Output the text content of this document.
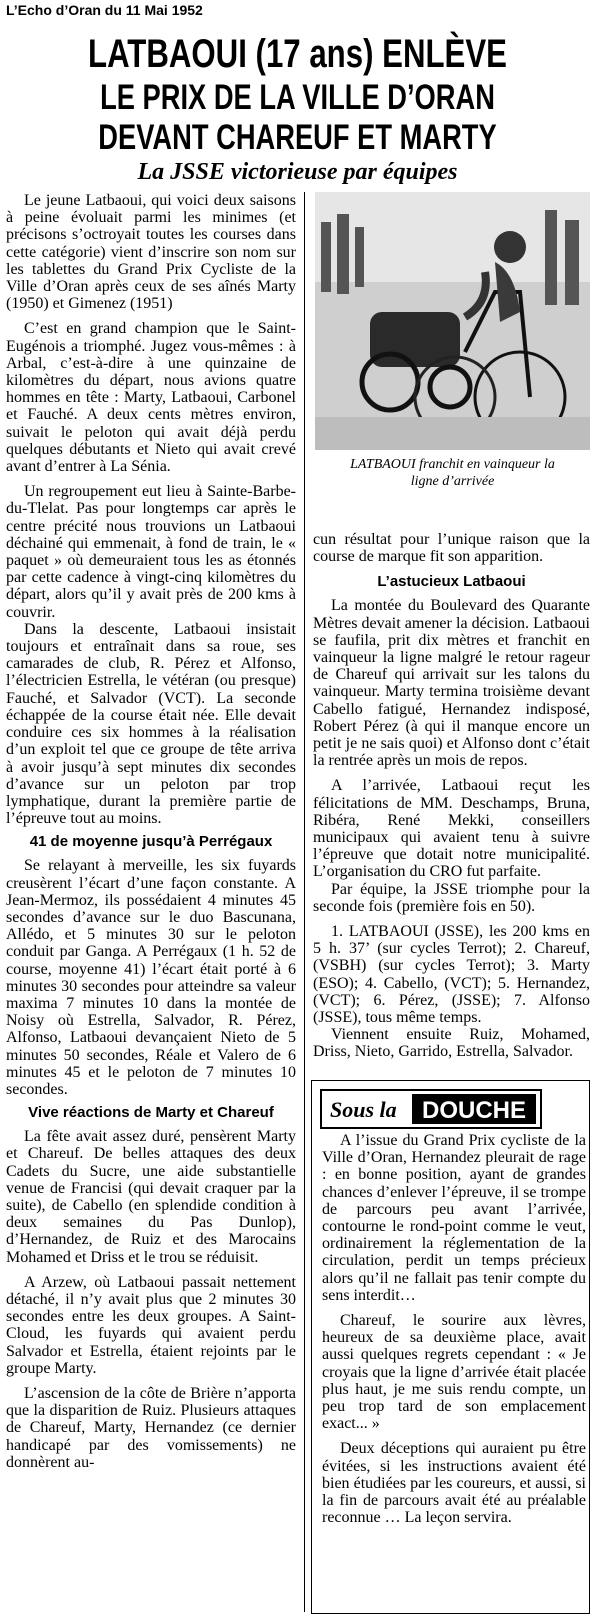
L’Echo d’Oran du 11 Mai 1952
LATBAOUI (17 ans) ENLÈVE
LE PRIX DE LA VILLE D’ORAN
DEVANT CHAREUF ET MARTY
La JSSE victorieuse par équipes

Le jeune Latbaoui, qui voici deux saisons à peine évoluait parmi les minimes (et précisons s’octroyait toutes les courses dans cette catégorie) vient d’inscrire son nom sur les tablettes du Grand Prix Cycliste de la Ville d’Oran après ceux de ses aînés Marty (1950) et Gimenez (1951)

C’est en grand champion que le Saint-Eugénois a triomphé. Jugez vous-mêmes : à Arbal, c’est-à-dire à une quinzaine de kilomètres du départ, nous avions quatre hommes en tête : Marty, Latbaoui, Carbonel et Fauché. A deux cents mètres environ, suivait le peloton qui avait déjà perdu quelques débutants et Nieto qui avait crevé avant d’entrer à La Sénia.

Un regroupement eut lieu à Sainte-Barbe-du-Tlelat. Pas pour longtemps car après le centre précité nous trouvions un Latbaoui déchainé qui emmenait, à fond de train, le « paquet » où demeuraient tous les as étonnés par cette cadence à vingt-cinq kilomètres du départ, alors qu’il y avait près de 200 kms à couvrir.

Dans la descente, Latbaoui insistait toujours et entraînait dans sa roue, ses camarades de club, R. Pérez et Alfonso, l’électricien Estrella, le vétéran (ou presque) Fauché, et Salvador (VCT). La seconde échappée de la course était née. Elle devait conduire ces six hommes à la réalisation d’un exploit tel que ce groupe de tête arriva à avoir jusqu’à sept minutes dix secondes d’avance sur un peloton par trop lymphatique, durant la première partie de l’épreuve tout au moins.

41 de moyenne jusqu’à Perrégaux

Se relayant à merveille, les six fuyards creusèrent l’écart d’une façon constante. A Jean-Mermoz, ils possédaient 4 minutes 45 secondes d’avance sur le duo Bascunana, Allédo, et 5 minutes 30 sur le peloton conduit par Ganga. A Perrégaux (1 h. 52 de course, moyenne 41) l’écart était porté à 6 minutes 30 secondes pour atteindre sa valeur maxima 7 minutes 10 dans la montée de Noisy où Estrella, Salvador, R. Pérez, Alfonso, Latbaoui devançaient Nieto de 5 minutes 50 secondes, Réale et Valero de 6 minutes 45 et le peloton de 7 minutes 10 secondes.

Vive réactions de Marty et Chareuf

La fête avait assez duré, pensèrent Marty et Chareuf. De belles attaques des deux Cadets du Sucre, une aide substantielle venue de Francisi (qui devait craquer par la suite), de Cabello (en splendide condition à deux semaines du Pas Dunlop), d’Hernandez, de Ruiz et des Marocains Mohamed et Driss et le trou se réduisit.

A Arzew, où Latbaoui passait nettement détaché, il n’y avait plus que 2 minutes 30 secondes entre les deux groupes. A Saint-Cloud, les fuyards qui avaient perdu Salvador et Estrella, étaient rejoints par le groupe Marty.

L’ascension de la côte de Brière n’apporta que la disparition de Ruiz. Plusieurs attaques de Chareuf, Marty, Hernandez (ce dernier handicapé par des vomissements) ne donnèrent au-

LATBAOUI franchit en vainqueur la
ligne d’arrivée

cun résultat pour l’unique raison que la course de marque fit son apparition.

L’astucieux Latbaoui

La montée du Boulevard des Quarante Mètres devait amener la décision. Latbaoui se faufila, prit dix mètres et franchit en vainqueur la ligne malgré le retour rageur de Chareuf qui arrivait sur les talons du vainqueur. Marty termina troisième devant Cabello fatigué, Hernandez indisposé, Robert Pérez (à qui il manque encore un petit je ne sais quoi) et Alfonso dont c’était la rentrée après un mois de repos.

A l’arrivée, Latbaoui reçut les félicitations de MM. Deschamps, Bruna, Ribéra, René Mekki, conseillers municipaux qui avaient tenu à suivre l’épreuve que dotait notre municipalité. L’organisation du CRO fut parfaite.

Par équipe, la JSSE triomphe pour la seconde fois (première fois en 50).

1. LATBAOUI (JSSE), les 200 kms en 5 h. 37’ (sur cycles Terrot); 2. Chareuf, (VSBH) (sur cycles Terrot); 3. Marty (ESO); 4. Cabello, (VCT); 5. Hernandez, (VCT); 6. Pérez, (JSSE); 7. Alfonso (JSSE), tous même temps.

Viennent ensuite Ruiz, Mohamed, Driss, Nieto, Garrido, Estrella, Salvador.

Sous la DOUCHE

A l’issue du Grand Prix cycliste de la Ville d’Oran, Hernandez pleurait de rage : en bonne position, ayant de grandes chances d’enlever l’épreuve, il se trompe de parcours peu avant l’arrivée, contourne le rond-point comme le veut, ordinairement la réglementation de la circulation, perdit un temps précieux alors qu’il ne fallait pas tenir compte du sens interdit…

Chareuf, le sourire aux lèvres, heureux de sa deuxième place, avait aussi quelques regrets cependant : « Je croyais que la ligne d’arrivée était placée plus haut, je me suis rendu compte, un peu trop tard de son emplacement exact... »

Deux déceptions qui auraient pu être évitées, si les instructions avaient été bien étudiées par les coureurs, et aussi, si la fin de parcours avait été au préalable reconnue … La leçon servira.
